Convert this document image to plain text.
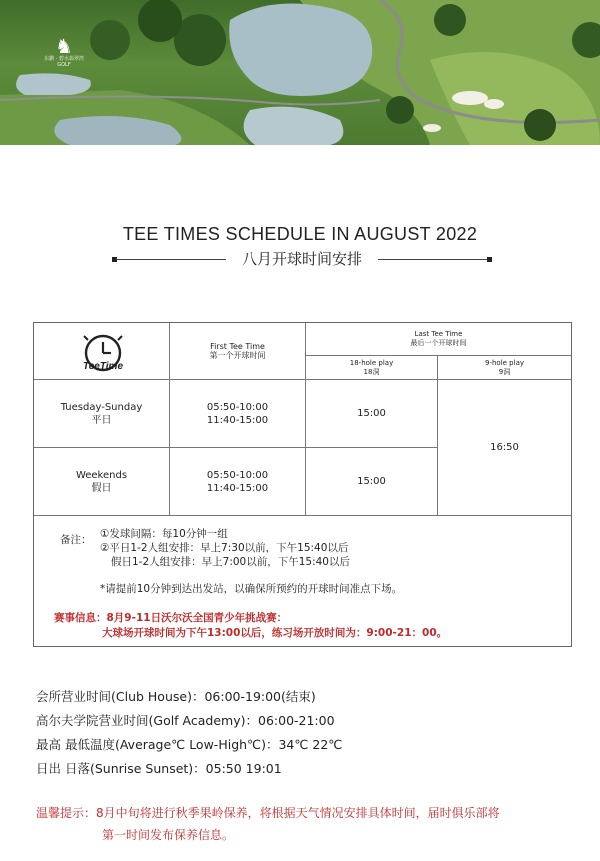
♞
东鹏 · 碧水翡翠湾 GOLF
TEE TIMES SCHEDULE IN AUGUST 2022
八月开球时间安排
TeeTime
First Tee Time
第一个开球时间
Last Tee Time
最后一个开球时间
18-hole play
18洞
9-hole play
9洞
Tuesday-Sunday
平日
05:50-10:00
11:40-15:00
15:00
Weekends
假日
05:50-10:00
11:40-15:00
15:00
16:50
备注： ①发球间隔：每10分钟一组
②平日1-2人组安排：早上7:30以前，下午15:40以后
假日1-2人组安排：早上7:00以前，下午15:40以后
*请提前10分钟到达出发站，以确保所预约的开球时间准点下场。
赛事信息：8月9-11日沃尔沃全国青少年挑战赛：
大球场开球时间为下午13:00以后，练习场开放时间为：9:00-21：00。
会所营业时间(Club House)：06:00-19:00(结束)
高尔夫学院营业时间(Golf Academy)：06:00-21:00
最高 最低温度(Average℃ Low-High℃)：34℃ 22℃
日出 日落(Sunrise Sunset)：05:50 19:01
温馨提示：8月中旬将进行秋季果岭保养，将根据天气情况安排具体时间，届时俱乐部将
第一时间发布保养信息。
